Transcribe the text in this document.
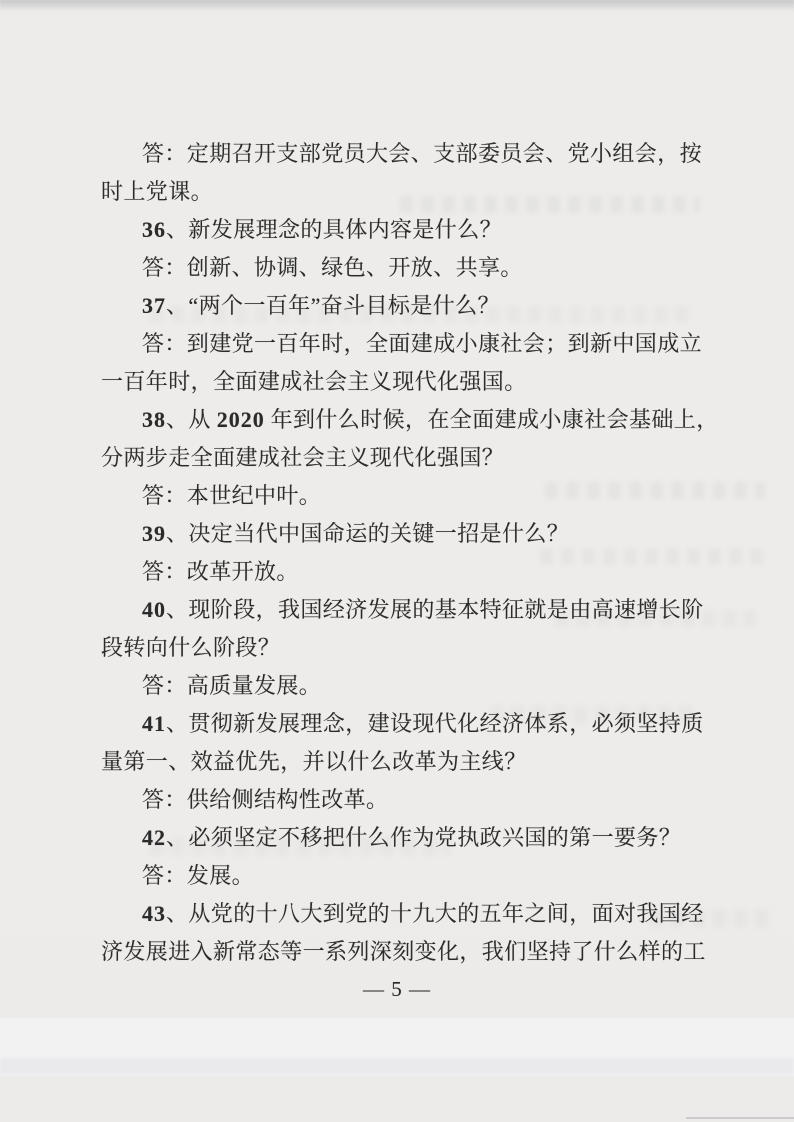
答：定期召开支部党员大会、支部委员会、党小组会，按
时上党课。
36、新发展理念的具体内容是什么？
答：创新、协调、绿色、开放、共享。
37、“两个一百年”奋斗目标是什么？
答：到建党一百年时，全面建成小康社会；到新中国成立
一百年时，全面建成社会主义现代化强国。
38、从 2020 年到什么时候，在全面建成小康社会基础上，
分两步走全面建成社会主义现代化强国？
答：本世纪中叶。
39、决定当代中国命运的关键一招是什么？
答：改革开放。
40、现阶段，我国经济发展的基本特征就是由高速增长阶
段转向什么阶段？
答：高质量发展。
41、贯彻新发展理念，建设现代化经济体系，必须坚持质
量第一、效益优先，并以什么改革为主线？
答：供给侧结构性改革。
42、必须坚定不移把什么作为党执政兴国的第一要务？
答：发展。
43、从党的十八大到党的十九大的五年之间，面对我国经
济发展进入新常态等一系列深刻变化，我们坚持了什么样的工
— 5 —
